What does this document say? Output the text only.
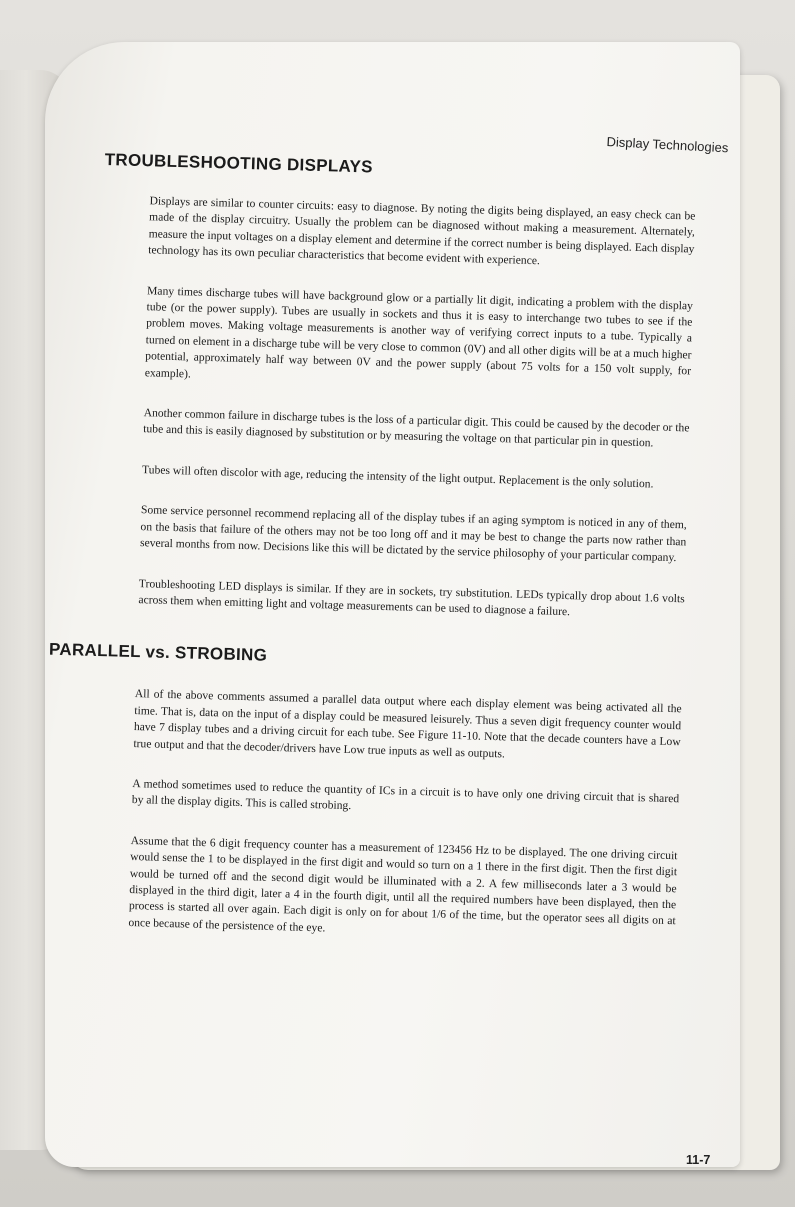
Display Technologies
TROUBLESHOOTING DISPLAYS

Displays are similar to counter circuits: easy to diagnose. By noting the digits being displayed, an easy check can be made of the display circuitry. Usually the problem can be diagnosed without making a measurement. Alternately, measure the input voltages on a display element and determine if the correct number is being displayed. Each display technology has its own peculiar characteristics that become evident with experience.

Many times discharge tubes will have background glow or a partially lit digit, indicating a problem with the display tube (or the power supply). Tubes are usually in sockets and thus it is easy to interchange two tubes to see if the problem moves. Making voltage measurements is another way of verifying correct inputs to a tube. Typically a turned on element in a discharge tube will be very close to common (0V) and all other digits will be at a much higher potential, approximately half way between 0V and the power supply (about 75 volts for a 150 volt supply, for example).

Another common failure in discharge tubes is the loss of a particular digit. This could be caused by the decoder or the tube and this is easily diagnosed by substitution or by measuring the voltage on that particular pin in question.

Tubes will often discolor with age, reducing the intensity of the light output. Replacement is the only solution.

Some service personnel recommend replacing all of the display tubes if an aging symptom is noticed in any of them, on the basis that failure of the others may not be too long off and it may be best to change the parts now rather than several months from now. Decisions like this will be dictated by the service philosophy of your particular company.

Troubleshooting LED displays is similar. If they are in sockets, try substitution. LEDs typically drop about 1.6 volts across them when emitting light and voltage measurements can be used to diagnose a failure.

PARALLEL vs. STROBING

All of the above comments assumed a parallel data output where each display element was being activated all the time. That is, data on the input of a display could be measured leisurely. Thus a seven digit frequency counter would have 7 display tubes and a driving circuit for each tube. See Figure 11-10. Note that the decade counters have a Low true output and that the decoder/drivers have Low true inputs as well as outputs.

A method sometimes used to reduce the quantity of ICs in a circuit is to have only one driving circuit that is shared by all the display digits. This is called strobing.

Assume that the 6 digit frequency counter has a measurement of 123456 Hz to be displayed. The one driving circuit would sense the 1 to be displayed in the first digit and would so turn on a 1 there in the first digit. Then the first digit would be turned off and the second digit would be illuminated with a 2. A few milliseconds later a 3 would be displayed in the third digit, later a 4 in the fourth digit, until all the required numbers have been displayed, then the process is started all over again. Each digit is only on for about 1/6 of the time, but the operator sees all digits on at once because of the persistence of the eye.

11-7
